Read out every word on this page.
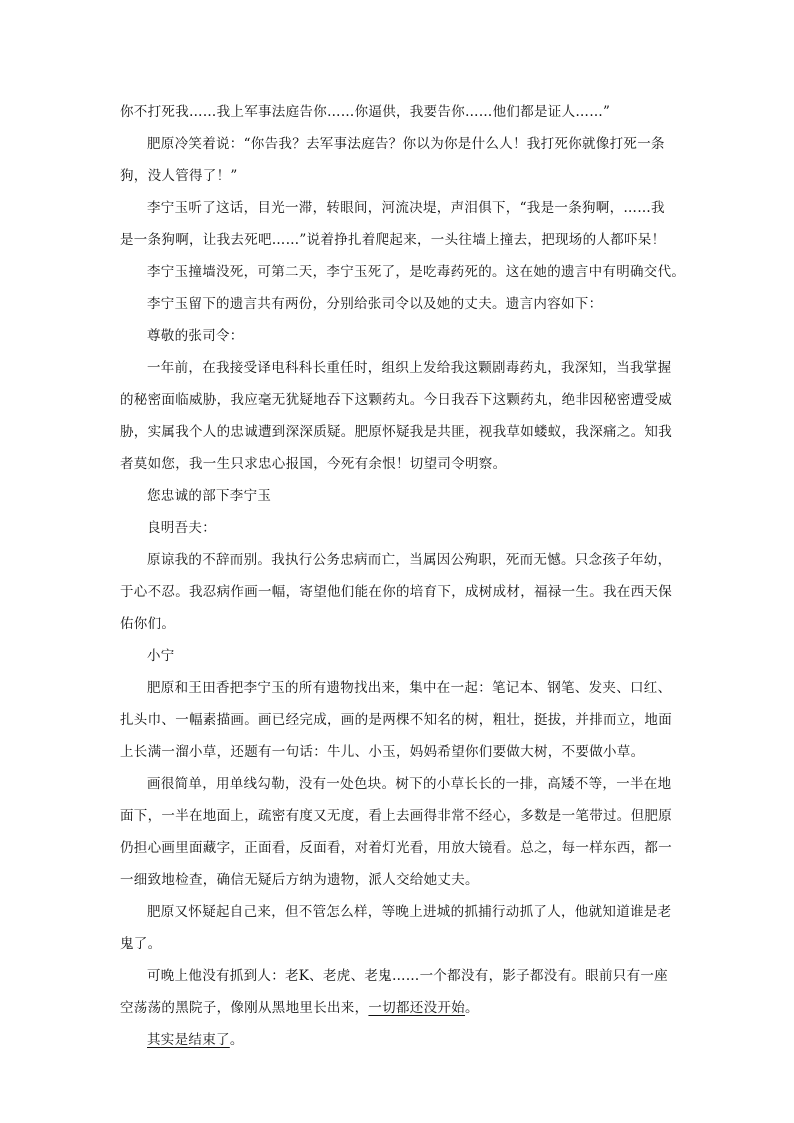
你不打死我……我上军事法庭告你……你逼供，我要告你……他们都是证人……”
肥原冷笑着说：“你告我？去军事法庭告？你以为你是什么人！我打死你就像打死一条
狗，没人管得了！”
李宁玉听了这话，目光一滞，转眼间，河流决堤，声泪俱下，“我是一条狗啊，……我
是一条狗啊，让我去死吧……”说着挣扎着爬起来，一头往墙上撞去，把现场的人都吓呆！
李宁玉撞墙没死，可第二天，李宁玉死了，是吃毒药死的。这在她的遗言中有明确交代。
李宁玉留下的遗言共有两份，分别给张司令以及她的丈夫。遗言内容如下：
尊敬的张司令：
一年前，在我接受译电科科长重任时，组织上发给我这颗剧毒药丸，我深知，当我掌握
的秘密面临威胁，我应毫无犹疑地吞下这颗药丸。今日我吞下这颗药丸，绝非因秘密遭受威
胁，实属我个人的忠诚遭到深深质疑。肥原怀疑我是共匪，视我草如蝼蚁，我深痛之。知我
者莫如您，我一生只求忠心报国，今死有余恨！切望司令明察。
您忠诚的部下李宁玉
良明吾夫：
原谅我的不辞而别。我执行公务忠病而亡，当属因公殉职，死而无憾。只念孩子年幼，
于心不忍。我忍病作画一幅，寄望他们能在你的培育下，成树成材，福禄一生。我在西天保
佑你们。
小宁
肥原和王田香把李宁玉的所有遗物找出来，集中在一起：笔记本、钢笔、发夹、口红、
扎头巾、一幅素描画。画已经完成，画的是两棵不知名的树，粗壮，挺拔，并排而立，地面
上长满一溜小草，还题有一句话：牛儿、小玉，妈妈希望你们要做大树，不要做小草。
画很简单，用单线勾勒，没有一处色块。树下的小草长长的一排，高矮不等，一半在地
面下，一半在地面上，疏密有度又无度，看上去画得非常不经心，多数是一笔带过。但肥原
仍担心画里面藏字，正面看，反面看，对着灯光看，用放大镜看。总之，每一样东西，都一
一细致地检查，确信无疑后方纳为遗物，派人交给她丈夫。
肥原又怀疑起自己来，但不管怎么样，等晚上进城的抓捕行动抓了人，他就知道谁是老
鬼了。
可晚上他没有抓到人：老K、老虎、老鬼……一个都没有，影子都没有。眼前只有一座
空荡荡的黑院子，像刚从黑地里长出来，一切都还没开始。
其实是结束了。
